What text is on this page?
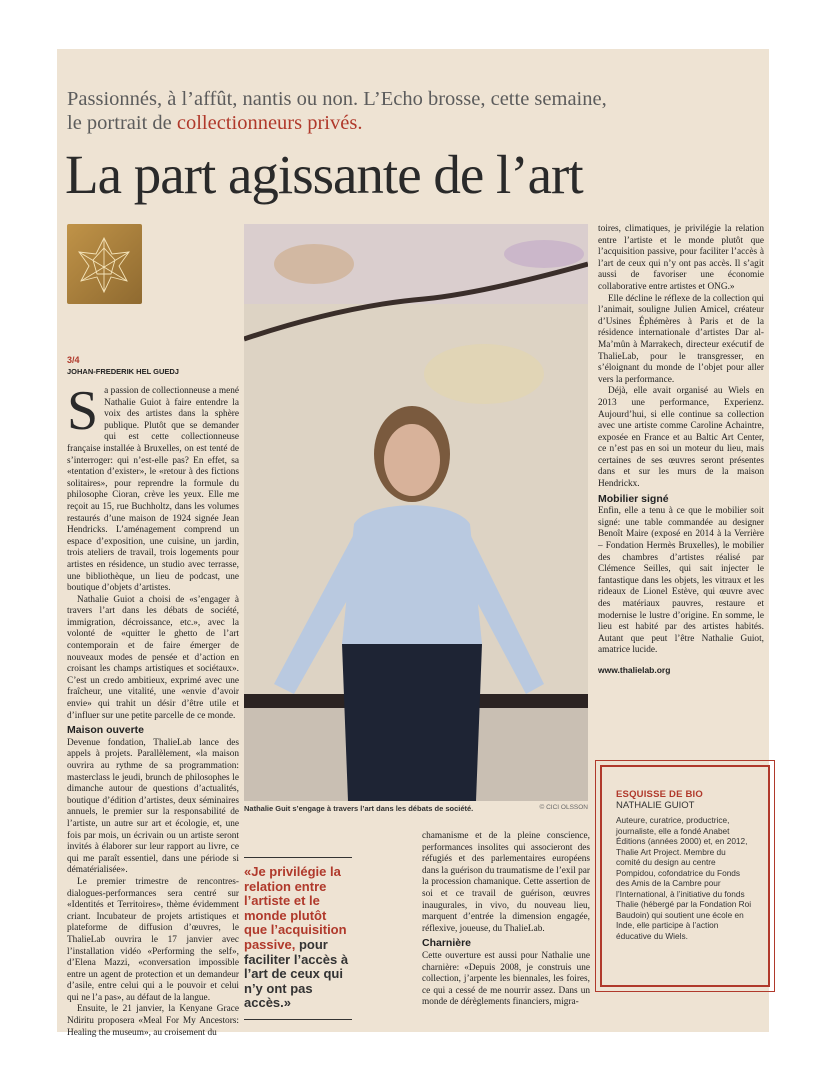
Passionnés, à l’affût, nantis ou non. L’Echo brosse, cette semaine,
le portrait de collectionneurs privés.
La part agissante de l’art
3/4
JOHAN-FREDERIK HEL GUEDJ

Sa passion de collectionneuse a mené Nathalie Guiot à faire entendre la voix des artistes dans la sphère publique. Plutôt que se demander qui est cette collectionneuse française installée à Bruxelles, on est tenté de s’interroger: qui n’est-elle pas? En effet, sa «tentation d’exister», le «retour à des fictions solitaires», pour reprendre la formule du philosophe Cioran, crève les yeux. Elle me reçoit au 15, rue Buchholtz, dans les volumes restaurés d’une maison de 1924 signée Jean Hendricks. L’aménagement comprend un espace d’exposition, une cuisine, un jardin, trois ateliers de travail, trois logements pour artistes en résidence, un studio avec terrasse, une bibliothèque, un lieu de podcast, une boutique d’objets d’artistes.

Nathalie Guiot a choisi de «s’engager à travers l’art dans les débats de société, immigration, décroissance, etc.», avec la volonté de «quitter le ghetto de l’art contemporain et de faire émerger de nouveaux modes de pensée et d’action en croisant les champs artistiques et sociétaux». C’est un credo ambitieux, exprimé avec une fraîcheur, une vitalité, une «envie d’avoir envie» qui trahit un désir d’être utile et d’influer sur une petite parcelle de ce monde.

Maison ouverte

Devenue fondation, ThalieLab lance des appels à projets. Parallèlement, «la maison ouvrira au rythme de sa programmation: masterclass le jeudi, brunch de philosophes le dimanche autour de questions d’actualités, boutique d’édition d’artistes, deux séminaires annuels, le premier sur la responsabilité de l’artiste, un autre sur art et écologie, et, une fois par mois, un écrivain ou un artiste seront invités à élaborer sur leur rapport au livre, ce qui me paraît essentiel, dans une période si dématérialisée».

Le premier trimestre de rencontres-dialogues-performances sera centré sur «Identités et Territoires», thème évidemment criant. Incubateur de projets artistiques et plateforme de diffusion d’œuvres, le ThalieLab ouvrira le 17 janvier avec l’installation vidéo «Performing the self», d’Elena Mazzi, «conversation impossible entre un agent de protection et un demandeur d’asile, entre celui qui a le pouvoir et celui qui ne l’a pas», au défaut de la langue.

Ensuite, le 21 janvier, la Kenyane Grace Ndiritu proposera «Meal For My Ancestors: Healing the museum», au croisement du

Nathalie Guit s’engage à travers l’art dans les débats de société.	© CICI OLSSON
«Je privilégie la relation entre l’artiste et le monde plutôt que l’acquisition passive, pour faciliter l’accès à l’art de ceux qui n’y ont pas accès.»

chamanisme et de la pleine conscience, performances insolites qui associeront des réfugiés et des parlementaires européens dans la guérison du traumatisme de l’exil par la procession chamanique. Cette assertion de soi et ce travail de guérison, œuvres inaugurales, in vivo, du nouveau lieu, marquent d’entrée la dimension engagée, réflexive, joueuse, du ThalieLab.

Charnière

Cette ouverture est aussi pour Nathalie une charnière: «Depuis 2008, je construis une collection, j’arpente les biennales, les foires, ce qui a cessé de me nourrir assez. Dans un monde de dérèglements financiers, migra-

toires, climatiques, je privilégie la relation entre l’artiste et le monde plutôt que l’acquisition passive, pour faciliter l’accès à l’art de ceux qui n’y ont pas accès. Il s’agit aussi de favoriser une économie collaborative entre artistes et ONG.»

Elle décline le réflexe de la collection qui l’animait, souligne Julien Amicel, créateur d’Usines Éphémères à Paris et de la résidence internationale d’artistes Dar al-Ma’mûn à Marrakech, directeur exécutif de ThalieLab, pour le transgresser, en s’éloignant du monde de l’objet pour aller vers la performance.

Déjà, elle avait organisé au Wiels en 2013 une performance, Experienz. Aujourd’hui, si elle continue sa collection avec une artiste comme Caroline Achaintre, exposée en France et au Baltic Art Center, ce n’est pas en soi un moteur du lieu, mais certaines de ses œuvres seront présentes dans et sur les murs de la maison Hendrickx.

Mobilier signé

Enfin, elle a tenu à ce que le mobilier soit signé: une table commandée au designer Benoît Maire (exposé en 2014 à la Verrière – Fondation Hermès Bruxelles), le mobilier des chambres d’artistes réalisé par Clémence Seilles, qui sait injecter le fantastique dans les objets, les vitraux et les rideaux de Lionel Estève, qui œuvre avec des matériaux pauvres, restaure et modernise le lustre d’origine. En somme, le lieu est habité par des artistes habités. Autant que peut l’être Nathalie Guiot, amatrice lucide.

www.thalielab.org

ESQUISSE DE BIO
NATHALIE GUIOT
Auteure, curatrice, productrice, journaliste, elle a fondé Anabet Éditions (années 2000) et, en 2012, Thalie Art Project. Membre du comité du design au centre Pompidou, cofondatrice du Fonds des Amis de la Cambre pour l’International, à l’initiative du fonds Thalie (hébergé par la Fondation Roi Baudoin) qui soutient une école en Inde, elle participe à l’action éducative du Wiels.
